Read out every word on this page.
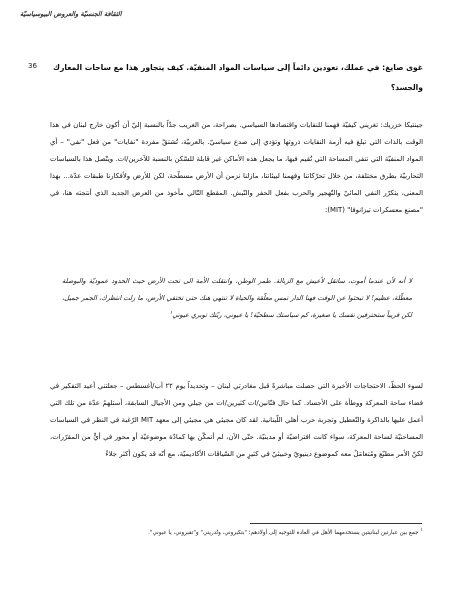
الثقافة الجنسيّة والعروض البيوسياسيّة
36	غوى صايغ: في عملك، تعودين دائماً إلى سياسات المواد المنفيّة. كيف يتجاور هذا مع ساحات المعارك والجسد؟

جينتيكا خزريك: تغريني كيفيّة فهمنا للنفايات واقتصادها السياسي. بصراحة، من الغريب جدّاً بالنسبة إليّ أن أكون خارج لبنان في هذا الوقت بالذات التي تبلغ فيه أزمة النفايات ذروتها وتؤدي إلى صدع سياسيّ. بالعربيّة، تُشتقّ مفردة "نفايات" من فعل "نفي" – أي المواد المنفيّة التي تنفي المساحة التي تُقيم فيها، ما يجعل هذه الأماكن غير قابلة للسّكن بالنسبة للآخرين/ات. ويتّصل هذا بالسياسات التحاربيّة بطرق مختلفة، من خلال تحرّكاتنا وفهمنا لبيئاتنا، مازلنا نزمن أن الأرض مسطّحة، لكن للأرض ولأفكارنا طبقات عدّة... بهذا المعنى، يتكرّر النفي المائيّ والتّهجير والحرب بفعل الحفر والنّبش. المقطع التّالي مأخوذ من العرض الجديد الذي أنتجته هنا، في "مصنع معسكرات تيزانوفا" (MIT):

لا أنه لأن عندما أموت، ساتقل لأعيش مع الزبالة. طمر الوطن، وانتقلت الأمة الى تحت الأرض حيث الحدود عموديّة والبوصلة معطّلة، عظيم! لا تبحثوا عن الوقت فهنا الدار تمس معلّقة والحياة لا تنتهي هنك حتى تختفي الأرض، ما زلت انتظرك، الجمر جميل، لكن قريباً ستحترقين نفسك يا صغيرة، كم سياستك سطحيّة! يا عيوني، ربّتك توبري عيوني$^١$

لسوء الحظّ، الاحتجاجات الأخيرة التي حصلت مباشرةً قبل مغادرتي لبنان – وتحديداً يوم ٢٢ آب/أغسطس – جعلتني أعيد التفكير في فضاء ساحة المعركة ووطأة على الأجساد. كما حال فنّانين/ات كثيرين/ات من جيلي ومن الأجيال السابقة، أستلهمُ عدّة من تلك التي أعمل عليها بالذاكرة والتّعطيل وتجربة حرب أهلي اللّبنانية. لقد كان مجيئي هي مجيئي إلى معهد MIT الرّغبة في النظر في السياسات المساحتيّة لساحة المعركة، سواء كانت افتراضيّة أو مدينيّة. حتّى الآن، لم أتمكّن بها كمادّة موضوعيّة أو محور في أيٍّ من المقرّرات، لكنّ الأمر مطبّع ومُتعامَلٌ معه كموضوع دينيويّ وخبيثيّ في كثيرٍ من السّياقات الأكاديميّة، مع أنّه قد يكون أكثر جلاءً

$^١$ جمع بين عبارتين لبنانيتين يستخدمهما الأهل في العادة للتوجيه إلى أولادهم؛ "بتكبروني، وتُدريني" و"تقبروني، يا عيوني".
